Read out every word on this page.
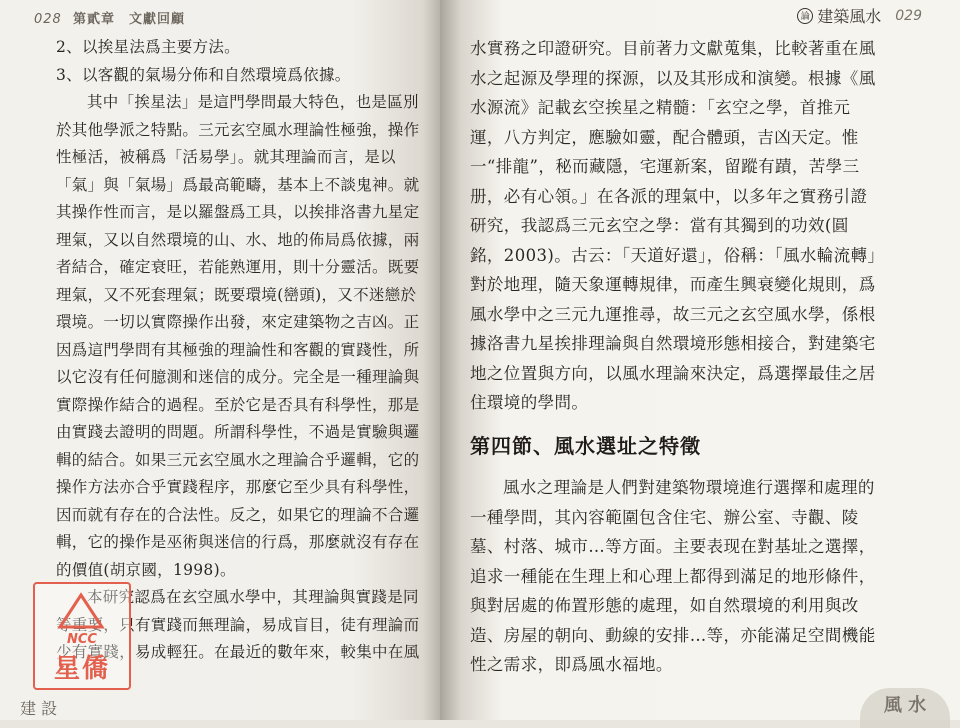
028 第貳章　文獻回顧	論 建築風水 029

2、以挨星法爲主要方法。

3、以客觀的氣場分佈和自然環境爲依據。

其中「挨星法」是這門學問最大特色，也是區別於其他學派之特點。三元玄空風水理論性極強，操作性極活，被稱爲「活易學」。就其理論而言，是以「氣」與「氣場」爲最高範疇，基本上不談鬼神。就其操作性而言，是以羅盤爲工具，以挨排洛書九星定理氣，又以自然環境的山、水、地的佈局爲依據，兩者結合，確定衰旺，若能熟運用，則十分靈活。既要理氣，又不死套理氣；既要環境(巒頭)，又不迷戀於環境。一切以實際操作出發，來定建築物之吉凶。正因爲這門學問有其極強的理論性和客觀的實踐性，所以它沒有任何臆測和迷信的成分。完全是一種理論與實際操作結合的過程。至於它是否具有科學性，那是由實踐去證明的問題。所謂科學性，不過是實驗與邏輯的結合。如果三元玄空風水之理論合乎邏輯，它的操作方法亦合乎實踐程序，那麼它至少具有科學性，因而就有存在的合法性。反之，如果它的理論不合邏輯，它的操作是巫術與迷信的行爲，那麼就沒有存在的價值(胡京國，1998)。

本研究認爲在玄空風水學中，其理論與實踐是同等重要，只有實踐而無理論，易成盲目，徒有理論而少有實踐，易成輕狂。在最近的數年來，較集中在風

水實務之印證研究。目前著力文獻蒐集，比較著重在風水之起源及學理的探源，以及其形成和演變。根據《風水源流》記載玄空挨星之精髓：「玄空之學，首推元運，八方判定，應驗如靈，配合體頭，吉凶天定。惟一“排龍”，秘而藏隱，宅運新案，留蹤有蹟，苦學三册，必有心領。」在各派的理氣中，以多年之實務引證研究，我認爲三元玄空之學：當有其獨到的功效(圓銘，2003)。古云：「天道好還」，俗稱：「風水輪流轉」對於地理，隨天象運轉規律，而產生興衰變化規則，爲風水學中之三元九運推尋，故三元之玄空風水學，係根據洛書九星挨排理論與自然環境形態相接合，對建築宅地之位置與方向，以風水理論來決定，爲選擇最佳之居住環境的學問。

第四節、風水選址之特徵

風水之理論是人們對建築物環境進行選擇和處理的一種學問，其內容範圍包含住宅、辦公室、寺觀、陵墓、村落、城市…等方面。主要表现在對基址之選擇，追求一種能在生理上和心理上都得到滿足的地形條件，與對居處的佈置形態的處理，如自然環境的利用與改造、房屋的朝向、動線的安排…等，亦能滿足空間機能性之需求，即爲風水福地。

NCC
星僑
建 設	風 水
